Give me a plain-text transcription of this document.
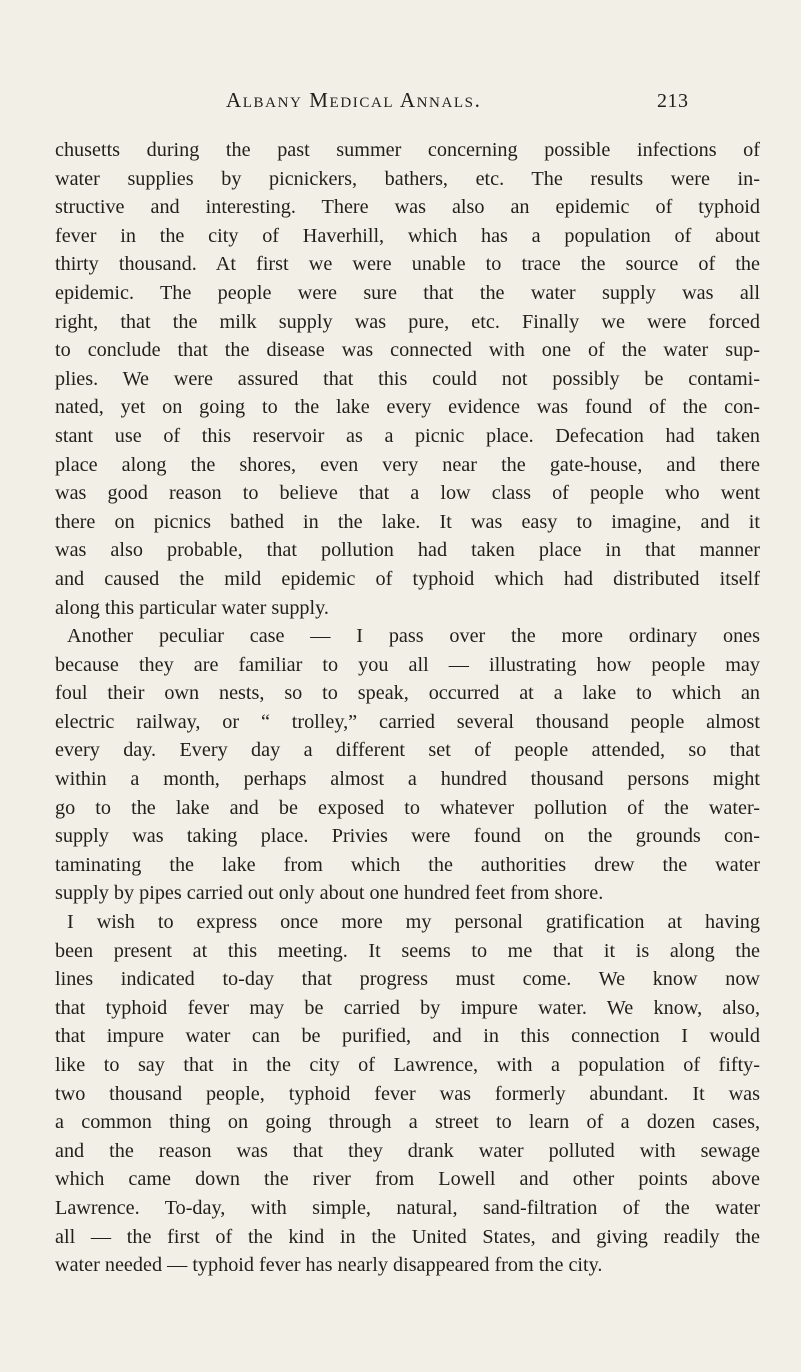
Albany Medical Annals.	213
chusetts during the past summer concerning possible infections of
water supplies by picnickers, bathers, etc. The results were in-
structive and interesting. There was also an epidemic of typhoid
fever in the city of Haverhill, which has a population of about
thirty thousand. At first we were unable to trace the source of the
epidemic. The people were sure that the water supply was all
right, that the milk supply was pure, etc. Finally we were forced
to conclude that the disease was connected with one of the water sup-
plies. We were assured that this could not possibly be contami-
nated, yet on going to the lake every evidence was found of the con-
stant use of this reservoir as a picnic place. Defecation had taken
place along the shores, even very near the gate-house, and there
was good reason to believe that a low class of people who went
there on picnics bathed in the lake. It was easy to imagine, and it
was also probable, that pollution had taken place in that manner
and caused the mild epidemic of typhoid which had distributed itself
along this particular water supply.
Another peculiar case — I pass over the more ordinary ones
because they are familiar to you all — illustrating how people may
foul their own nests, so to speak, occurred at a lake to which an
electric railway, or “ trolley,” carried several thousand people almost
every day. Every day a different set of people attended, so that
within a month, perhaps almost a hundred thousand persons might
go to the lake and be exposed to whatever pollution of the water-
supply was taking place. Privies were found on the grounds con-
taminating the lake from which the authorities drew the water
supply by pipes carried out only about one hundred feet from shore.
I wish to express once more my personal gratification at having
been present at this meeting. It seems to me that it is along the
lines indicated to-day that progress must come. We know now
that typhoid fever may be carried by impure water. We know, also,
that impure water can be purified, and in this connection I would
like to say that in the city of Lawrence, with a population of fifty-
two thousand people, typhoid fever was formerly abundant. It was
a common thing on going through a street to learn of a dozen cases,
and the reason was that they drank water polluted with sewage
which came down the river from Lowell and other points above
Lawrence. To-day, with simple, natural, sand-filtration of the water
all — the first of the kind in the United States, and giving readily the
water needed — typhoid fever has nearly disappeared from the city.
